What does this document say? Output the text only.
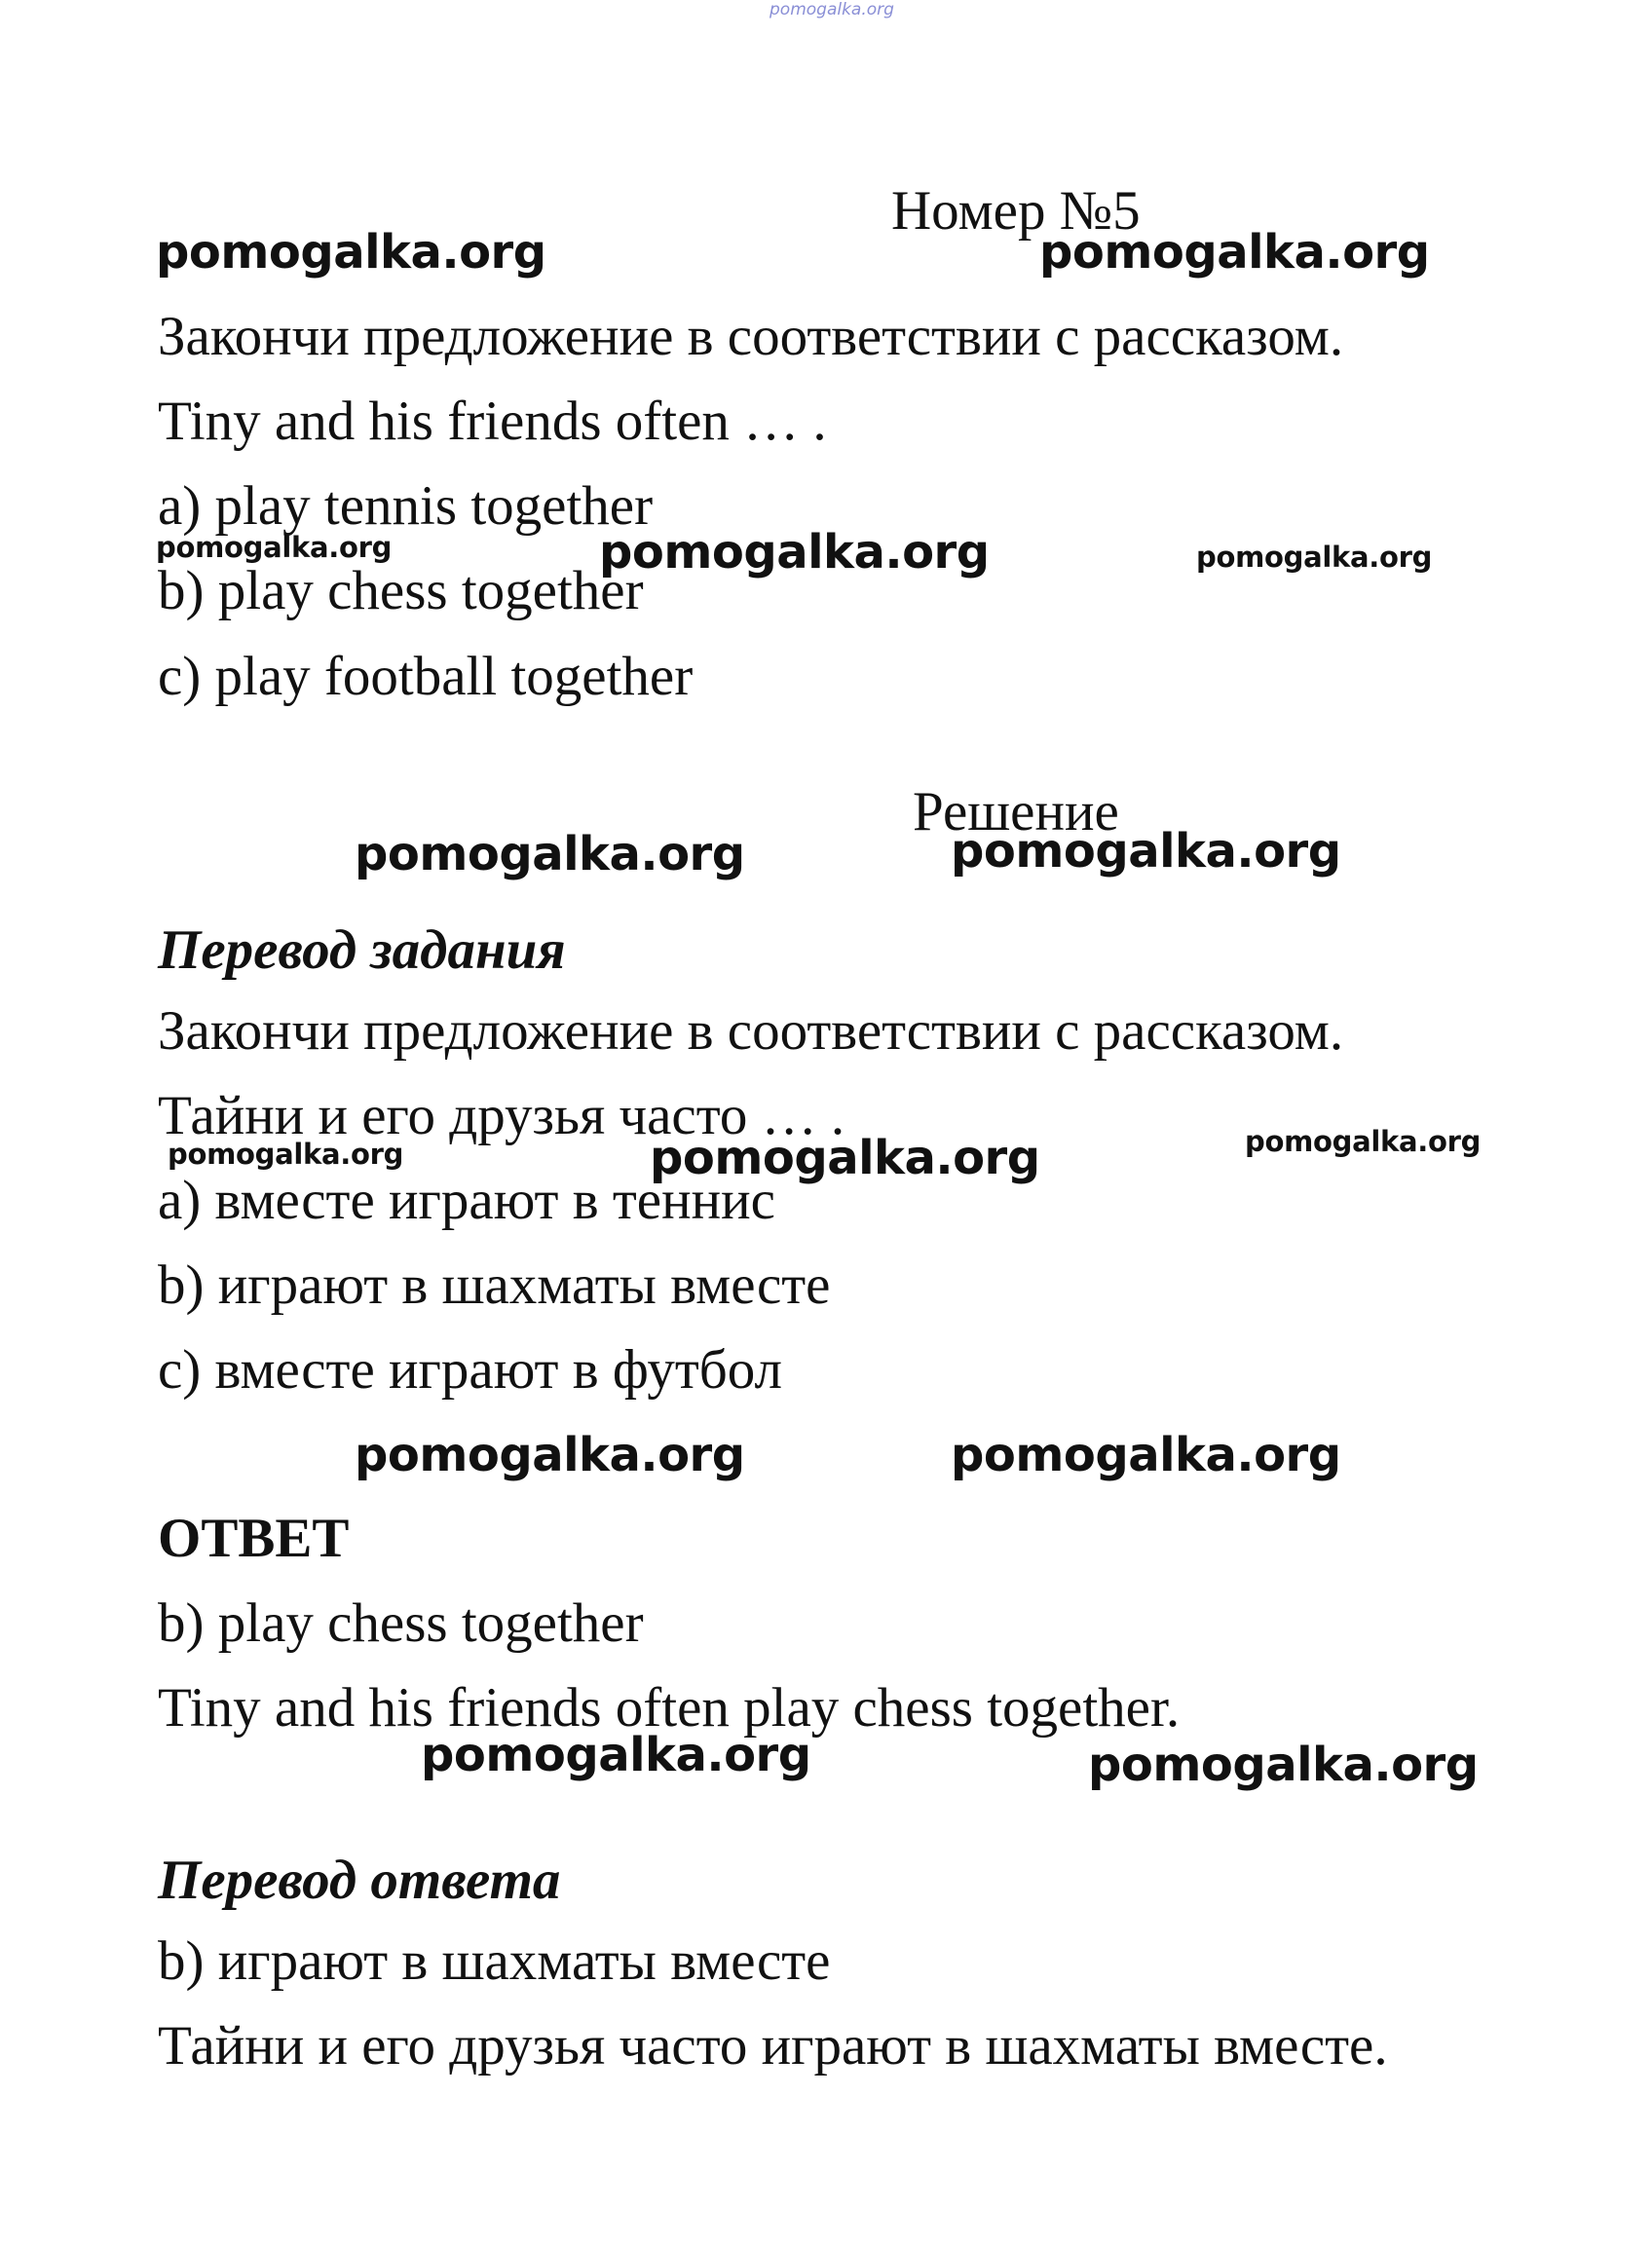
pomogalka.org

Номер №5

Закончи предложение в соответствии с рассказом.

Tiny and his friends often … .

a) play tennis together

b) play chess together

c) play football together

Решение

Перевод задания

Закончи предложение в соответствии с рассказом.

Тайни и его друзья часто … .

a) вместе играют в теннис

b) играют в шахматы вместе

c) вместе играют в футбол

ОТВЕТ

b) play chess together

Tiny and his friends often play chess together.

Перевод ответа

b) играют в шахматы вместе

Тайни и его друзья часто играют в шахматы вместе.

pomogalka.org	pomogalka.org
pomogalka.org	pomogalka.org	pomogalka.org
pomogalka.org	pomogalka.org
pomogalka.org	pomogalka.org	pomogalka.org
pomogalka.org	pomogalka.org
pomogalka.org	pomogalka.org
